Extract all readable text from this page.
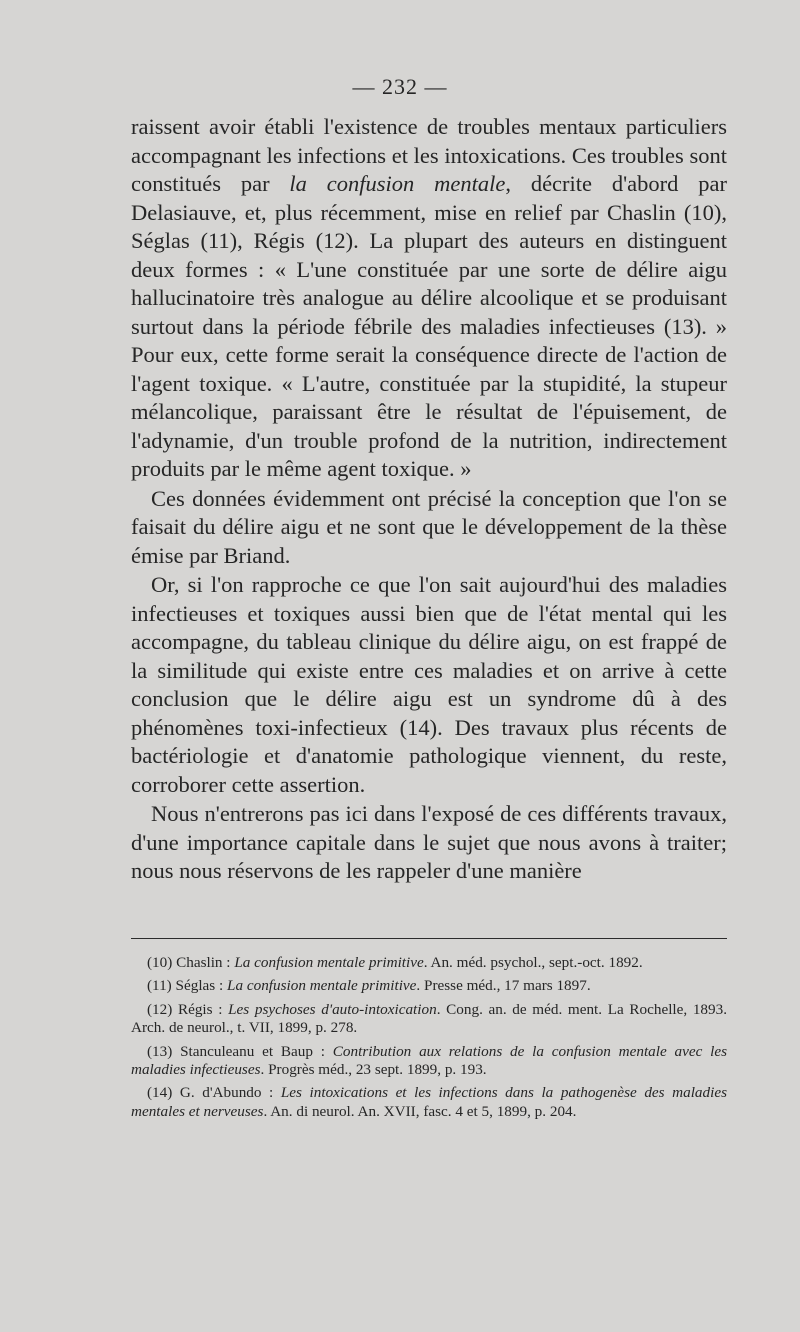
— 232 —

raissent avoir établi l'existence de troubles mentaux particuliers accompagnant les infections et les intoxications. Ces troubles sont constitués par la confusion mentale, décrite d'abord par Delasiauve, et, plus récemment, mise en relief par Chaslin (10), Séglas (11), Régis (12). La plupart des auteurs en distinguent deux formes : « L'une constituée par une sorte de délire aigu hallucinatoire très analogue au délire alcoolique et se produisant surtout dans la période fébrile des maladies infectieuses (13). » Pour eux, cette forme serait la conséquence directe de l'action de l'agent toxique. « L'autre, constituée par la stupidité, la stupeur mélancolique, paraissant être le résultat de l'épuisement, de l'adynamie, d'un trouble profond de la nutrition, indirectement produits par le même agent toxique. »

Ces données évidemment ont précisé la conception que l'on se faisait du délire aigu et ne sont que le développement de la thèse émise par Briand.

Or, si l'on rapproche ce que l'on sait aujourd'hui des maladies infectieuses et toxiques aussi bien que de l'état mental qui les accompagne, du tableau clinique du délire aigu, on est frappé de la similitude qui existe entre ces maladies et on arrive à cette conclusion que le délire aigu est un syndrome dû à des phénomènes toxi-infectieux (14). Des travaux plus récents de bactériologie et d'anatomie pathologique viennent, du reste, corroborer cette assertion.

Nous n'entrerons pas ici dans l'exposé de ces différents travaux, d'une importance capitale dans le sujet que nous avons à traiter; nous nous réservons de les rappeler d'une manière

(10) Chaslin : La confusion mentale primitive. An. méd. psychol., sept.-oct. 1892.

(11) Séglas : La confusion mentale primitive. Presse méd., 17 mars 1897.

(12) Régis : Les psychoses d'auto-intoxication. Cong. an. de méd. ment. La Rochelle, 1893. Arch. de neurol., t. VII, 1899, p. 278.

(13) Stanculeanu et Baup : Contribution aux relations de la confusion mentale avec les maladies infectieuses. Progrès méd., 23 sept. 1899, p. 193.

(14) G. d'Abundo : Les intoxications et les infections dans la pathogenèse des maladies mentales et nerveuses. An. di neurol. An. XVII, fasc. 4 et 5, 1899, p. 204.
